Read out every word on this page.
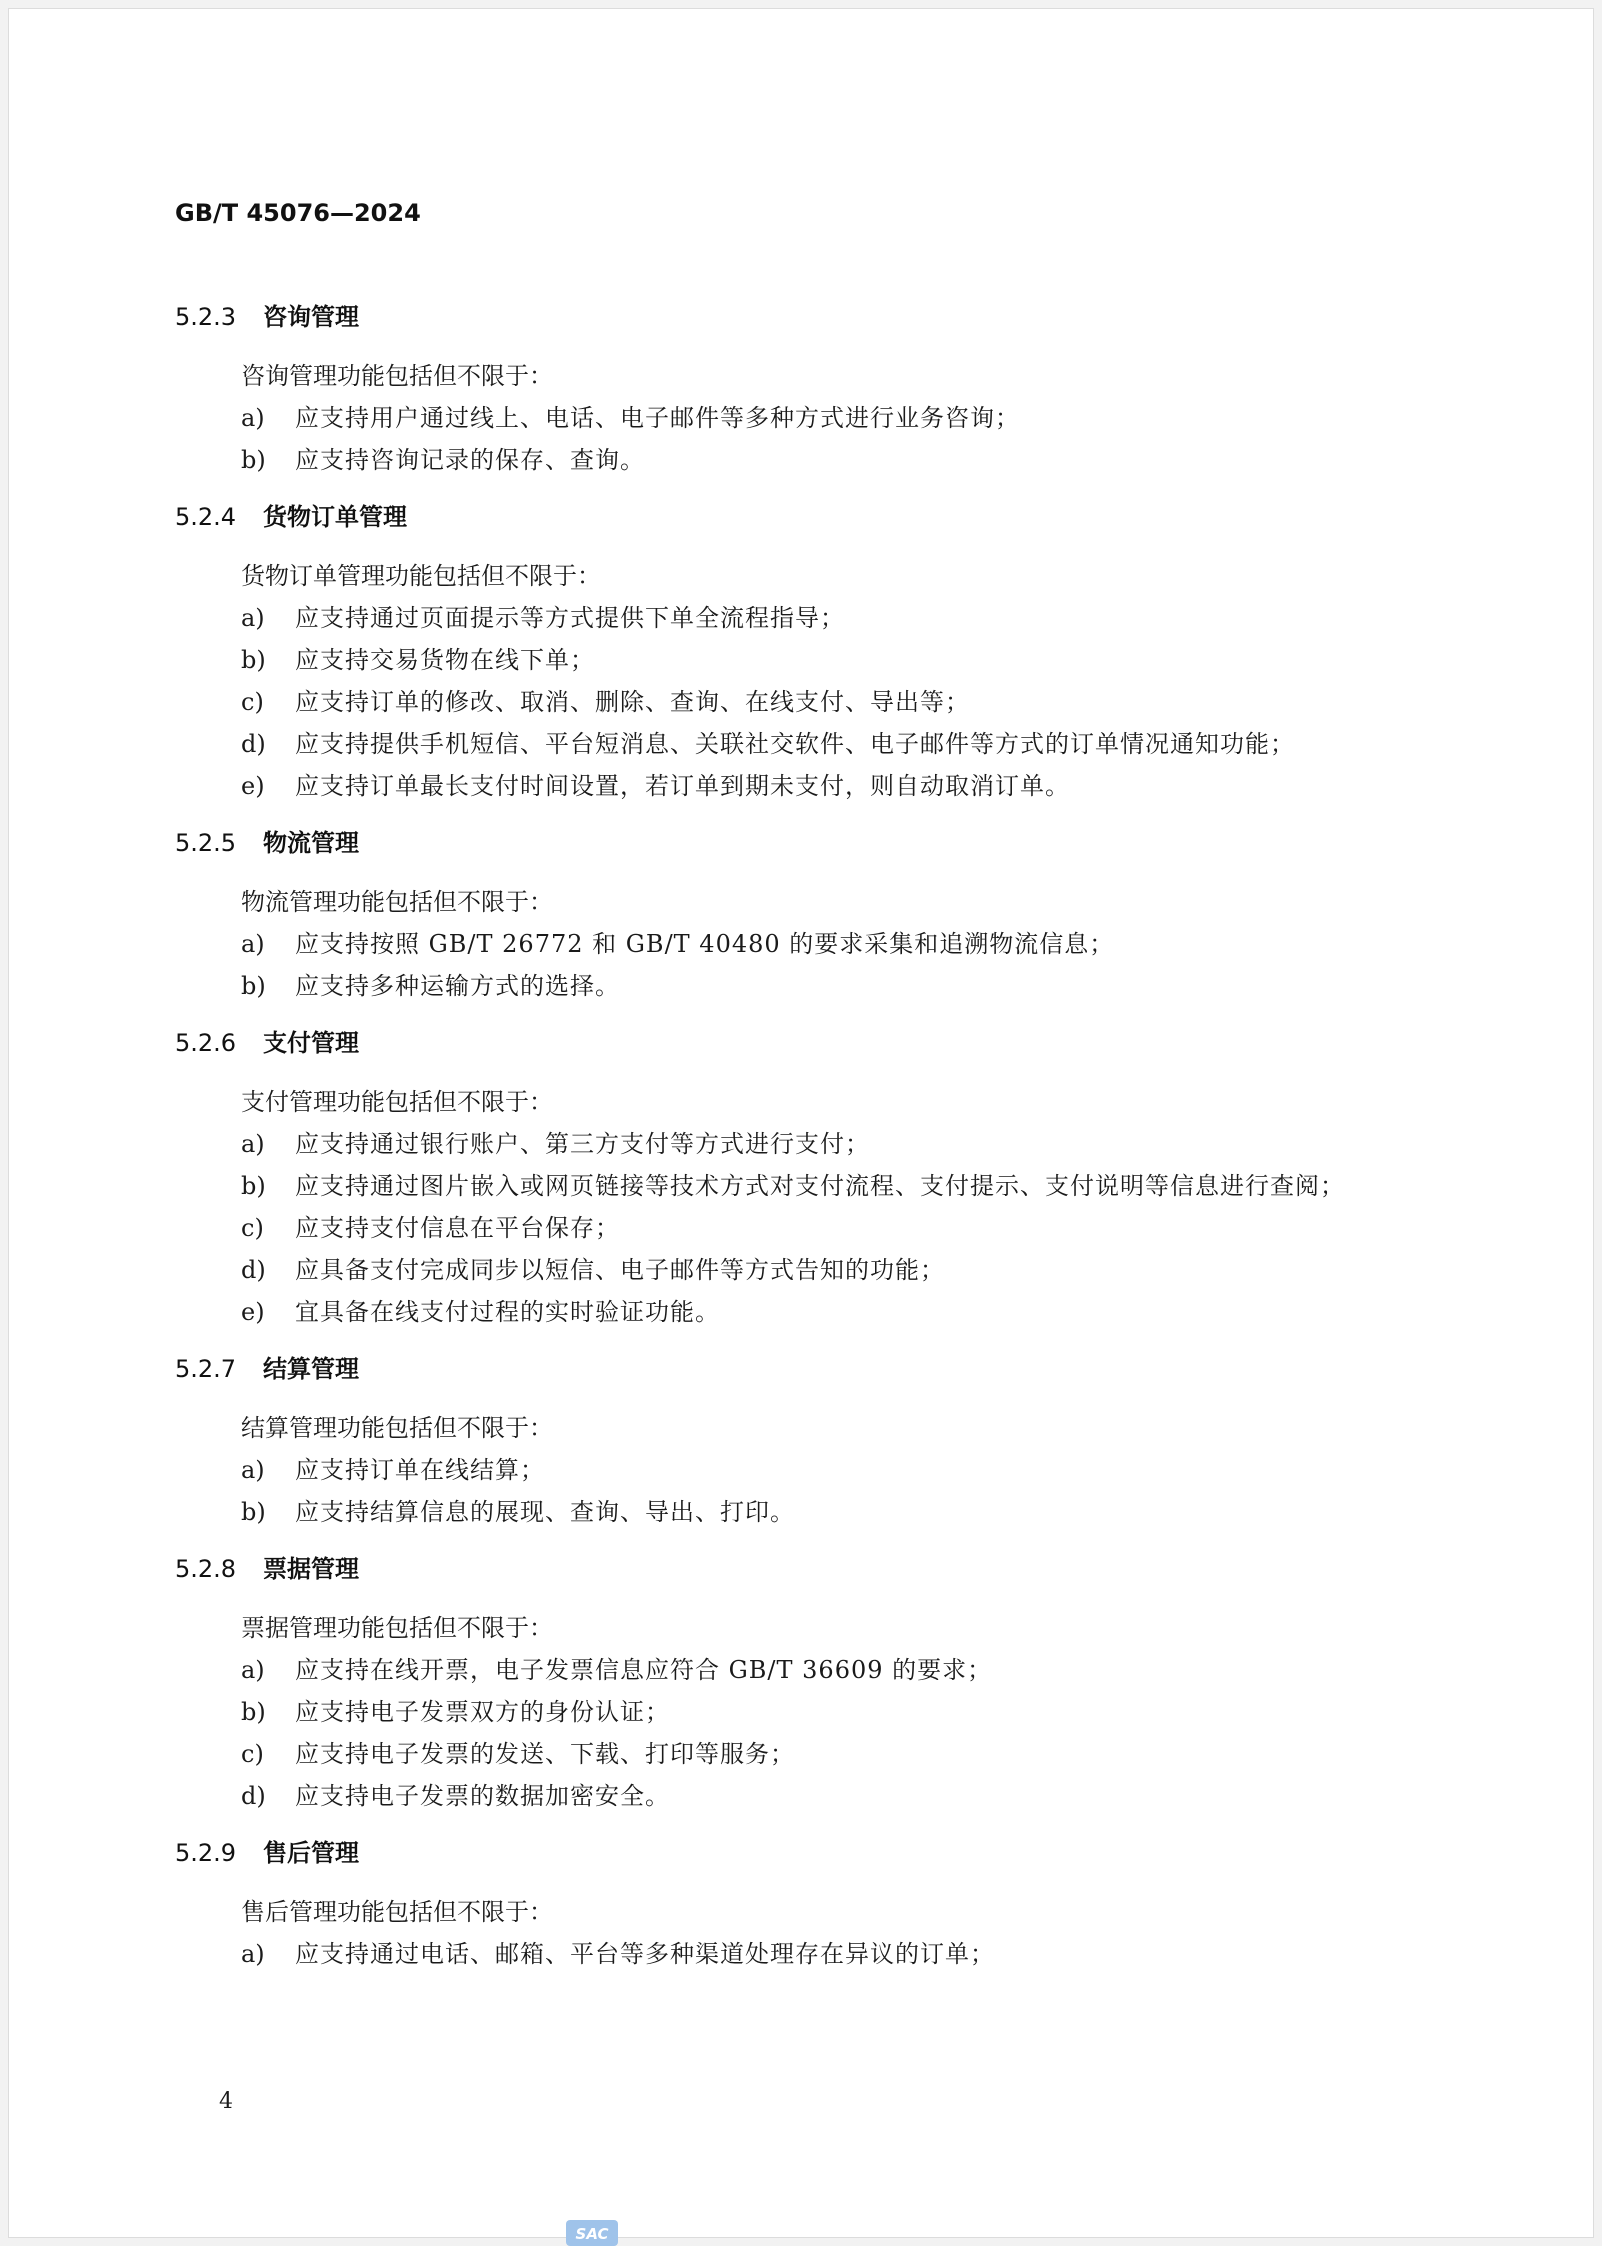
GB/T 45076—2024

5.2.3 咨询管理

咨询管理功能包括但不限于：

a)	应支持用户通过线上、电话、电子邮件等多种方式进行业务咨询；
b)	应支持咨询记录的保存、查询。
5.2.4 货物订单管理

货物订单管理功能包括但不限于：

a)	应支持通过页面提示等方式提供下单全流程指导；
b)	应支持交易货物在线下单；
c)	应支持订单的修改、取消、删除、查询、在线支付、导出等；
d)	应支持提供手机短信、平台短消息、关联社交软件、电子邮件等方式的订单情况通知功能；
e)	应支持订单最长支付时间设置，若订单到期未支付，则自动取消订单。
5.2.5 物流管理

物流管理功能包括但不限于：

a)	应支持按照 GB/T 26772 和 GB/T 40480 的要求采集和追溯物流信息；
b)	应支持多种运输方式的选择。
5.2.6 支付管理

支付管理功能包括但不限于：

a)	应支持通过银行账户、第三方支付等方式进行支付；
b)	应支持通过图片嵌入或网页链接等技术方式对支付流程、支付提示、支付说明等信息进行查阅；
c)	应支持支付信息在平台保存；
d)	应具备支付完成同步以短信、电子邮件等方式告知的功能；
e)	宜具备在线支付过程的实时验证功能。
5.2.7 结算管理

结算管理功能包括但不限于：

a)	应支持订单在线结算；
b)	应支持结算信息的展现、查询、导出、打印。
5.2.8 票据管理

票据管理功能包括但不限于：

a)	应支持在线开票，电子发票信息应符合 GB/T 36609 的要求；
b)	应支持电子发票双方的身份认证；
c)	应支持电子发票的发送、下载、打印等服务；
d)	应支持电子发票的数据加密安全。
5.2.9 售后管理

售后管理功能包括但不限于：

a)	应支持通过电话、邮箱、平台等多种渠道处理存在异议的订单；

4

SAC
